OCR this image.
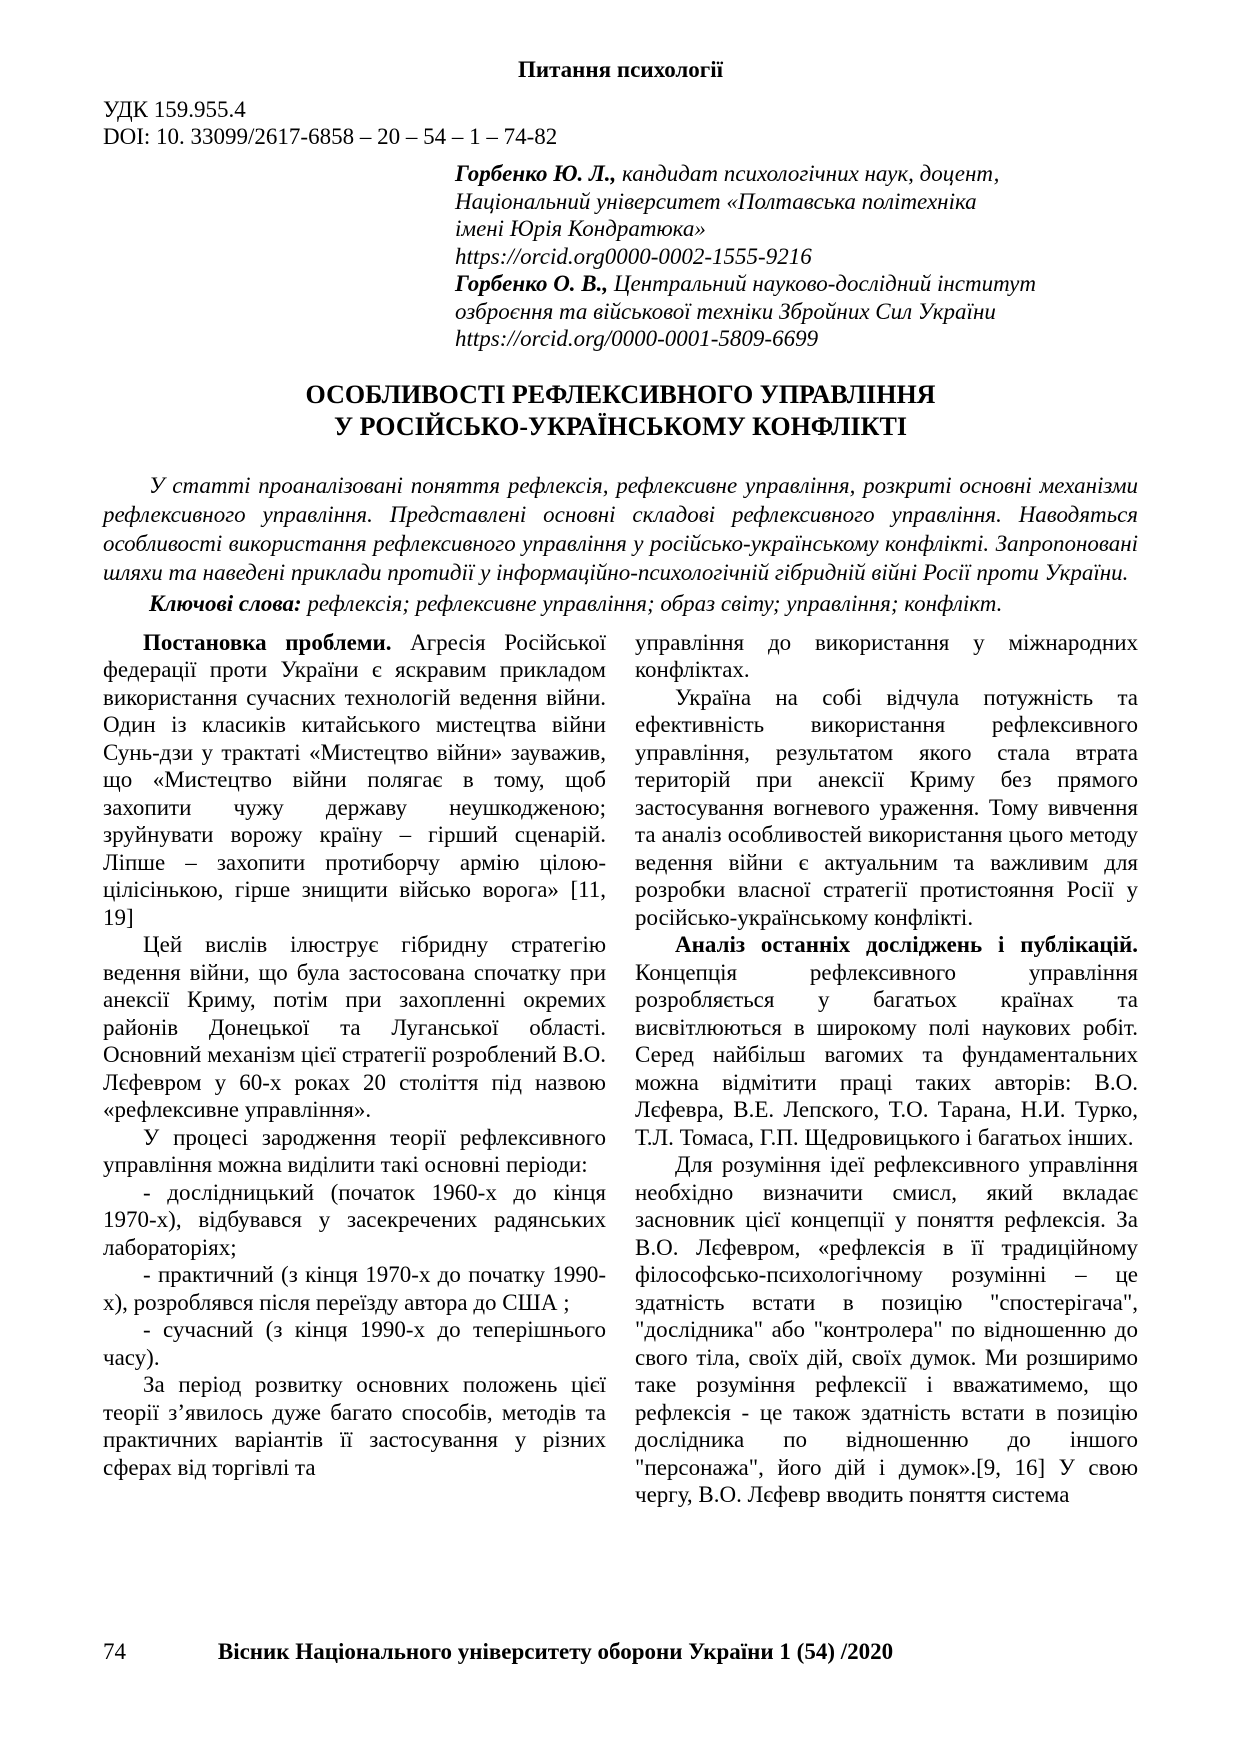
Питання психології
УДК 159.955.4
DOI: 10. 33099/2617-6858 – 20 – 54 – 1 – 74-82

Горбенко Ю. Л., кандидат психологічних наук, доцент,

Національний університет «Полтавська політехніка

імені Юрія Кондратюка»

https://orcid.org0000-0002-1555-9216

Горбенко О. В., Центральний науково-дослідний інститут

озброєння та військової техніки Збройних Сил України

https://orcid.org/0000-0001-5809-6699

ОСОБЛИВОСТІ РЕФЛЕКСИВНОГО УПРАВЛІННЯ
У РОСІЙСЬКО-УКРАЇНСЬКОМУ КОНФЛІКТІ

У статті проаналізовані поняття рефлексія, рефлексивне управління, розкриті основні механізми рефлексивного управління. Представлені основні складові рефлексивного управління. Наводяться особливості використання рефлексивного управління у російсько-українському конфлікті. Запропоновані шляхи та наведені приклади протидії у інформаційно-психологічній гібридній війні Росії проти України.

Ключові слова: рефлексія; рефлексивне управління; образ світу; управління; конфлікт.

Постановка проблеми. Агресія Російської федерації проти України є яскравим прикладом використання сучасних технологій ведення війни. Один із класиків китайського мистецтва війни Сунь-дзи у трактаті «Мистецтво війни» зауважив, що «Мистецтво війни полягає в тому, щоб захопити чужу державу неушкодженою; зруйнувати ворожу країну – гірший сценарій. Ліпше – захопити протиборчу армію цілою-цілісінькою, гірше знищити військо ворога» [11, 19]

Цей вислів ілюструє гібридну стратегію ведення війни, що була застосована спочатку при анексії Криму, потім при захопленні окремих районів Донецької та Луганської області. Основний механізм цієї стратегії розроблений В.О. Лєфевром у 60-х роках 20 століття під назвою «рефлексивне управління».

У процесі зародження теорії рефлексивного управління можна виділити такі основні періоди:

- дослідницький (початок 1960-х до кінця 1970-х), відбувався у засекречених радянських лабораторіях;

- практичний (з кінця 1970-х до початку 1990-х), розроблявся після переїзду автора до США ;

- сучасний (з кінця 1990-х до теперішнього часу).

За період розвитку основних положень цієї теорії з’явилось дуже багато способів, методів та практичних варіантів її застосування у різних сферах від торгівлі та

управління до використання у міжнародних конфліктах.

Україна на собі відчула потужність та ефективність використання рефлексивного управління, результатом якого стала втрата територій при анексії Криму без прямого застосування вогневого ураження. Тому вивчення та аналіз особливостей використання цього методу ведення війни є актуальним та важливим для розробки власної стратегії протистояння Росії у російсько-українському конфлікті.

Аналіз останніх досліджень і публікацій. Концепція рефлексивного управління розробляється у багатьох країнах та висвітлюються в широкому полі наукових робіт. Серед найбільш вагомих та фундаментальних можна відмітити праці таких авторів: В.О. Лєфевра, В.Е. Лепского, Т.О. Тарана, Н.И. Турко, Т.Л. Томаса, Г.П. Щедровицького і багатьох інших.

Для розуміння ідеї рефлексивного управління необхідно визначити смисл, який вкладає засновник цієї концепції у поняття рефлексія. За В.О. Лєфевром, «рефлексія в її традиційному філософсько-психологічному розумінні – це здатність встати в позицію "спостерігача", "дослідника" або "контролера" по відношенню до свого тіла, своїх дій, своїх думок. Ми розширимо таке розуміння рефлексії і вважатимемо, що рефлексія - це також здатність встати в позицію дослідника по відношенню до іншого "персонажа", його дій і думок».[9, 16] У свою чергу, В.О. Лєфевр вводить поняття система

74	Вісник Національного університету оборони України 1 (54) /2020
